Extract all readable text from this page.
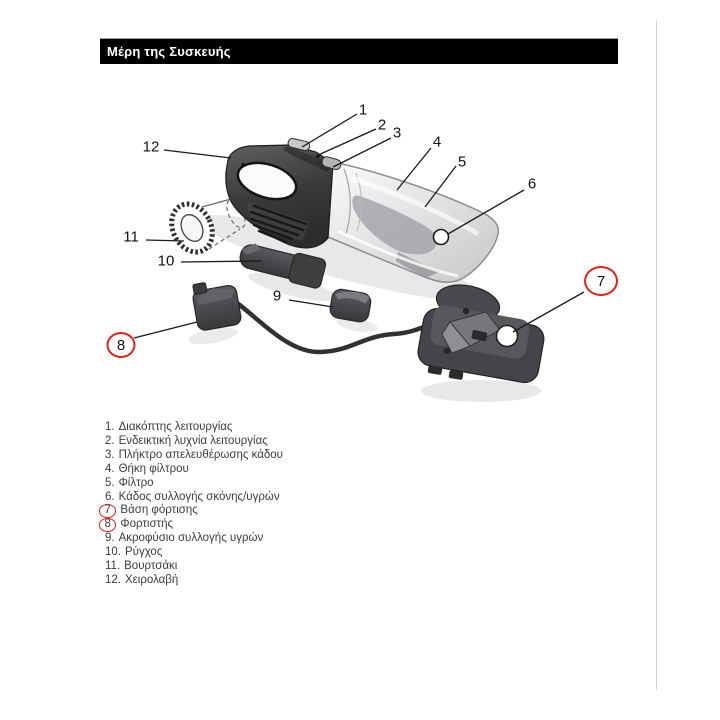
Μέρη της Συσκευής
1
2 3
4
5
6
7
8
9
10
11
12
1. Διακόπτης λειτουργίας
2. Ενδεικτική λυχνία λειτουργίας
3. Πλήκτρο απελευθέρωσης κάδου
4. Θήκη φίλτρου
5. Φίλτρο
6. Κάδος συλλογής σκόνης/υγρών
7 Βάση φόρτισης
8 Φορτιστής
9. Ακροφύσιο συλλογής υγρών
10. Ρύγχος
11. Βουρτσάκι
12. Χειρολαβή
